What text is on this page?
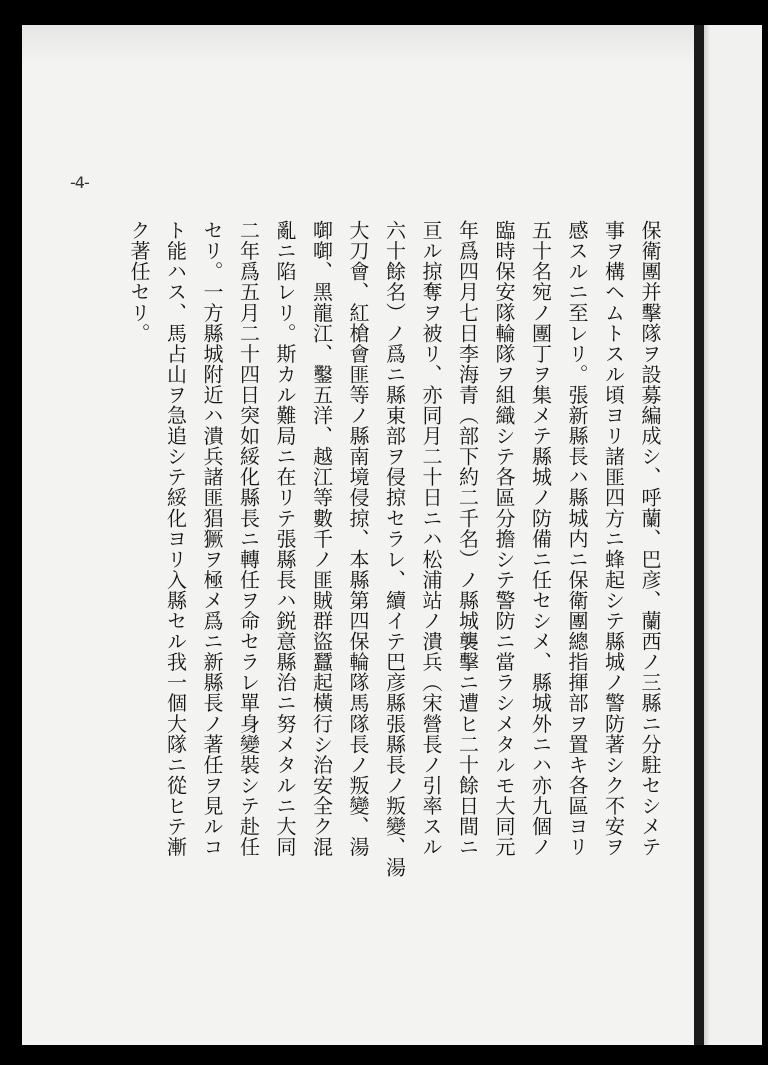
-4-
保衛團并擊隊ヲ設募編成シ、呼蘭、巴彦、蘭西ノ三縣ニ分駐セシメテ
事ヲ構ヘムトスル頃ヨリ諸匪四方ニ蜂起シテ縣城ノ警防著シク不安ヲ
感スルニ至レリ。張新縣長ハ縣城内ニ保衛團總指揮部ヲ置キ各區ヨリ
五十名宛ノ團丁ヲ集メテ縣城ノ防備ニ任セシメ、縣城外ニハ亦九個ノ
臨時保安隊輪隊ヲ組織シテ各區分擔シテ警防ニ當ラシメタルモ大同元
年爲四月七日李海青（部下約二千名）ノ縣城襲擊ニ遭ヒ二十餘日間ニ
亘ル掠奪ヲ被リ、亦同月二十日ニハ松浦站ノ潰兵（宋營長ノ引率スル
六十餘名）ノ爲ニ縣東部ヲ侵掠セラレ、續イテ巴彦縣張縣長ノ叛變、湯
大刀會、紅槍會匪等ノ縣南境侵掠、本縣第四保輪隊馬隊長ノ叛變、湯
啣啣、黑龍江、鑿五洋、越江等數千ノ匪賊群盜蠶起橫行シ治安全ク混
亂ニ陷レリ。斯カル難局ニ在リテ張縣長ハ鋭意縣治ニ努メタルニ大同
二年爲五月二十四日突如綏化縣長ニ轉任ヲ命セラレ單身變裝シテ赴任
セリ。一方縣城附近ハ潰兵諸匪猖獗ヲ極メ爲ニ新縣長ノ著任ヲ見ルコ
ト能ハス、馬占山ヲ急追シテ綏化ヨリ入縣セル我一個大隊ニ從ヒテ漸
ク著任セリ。
